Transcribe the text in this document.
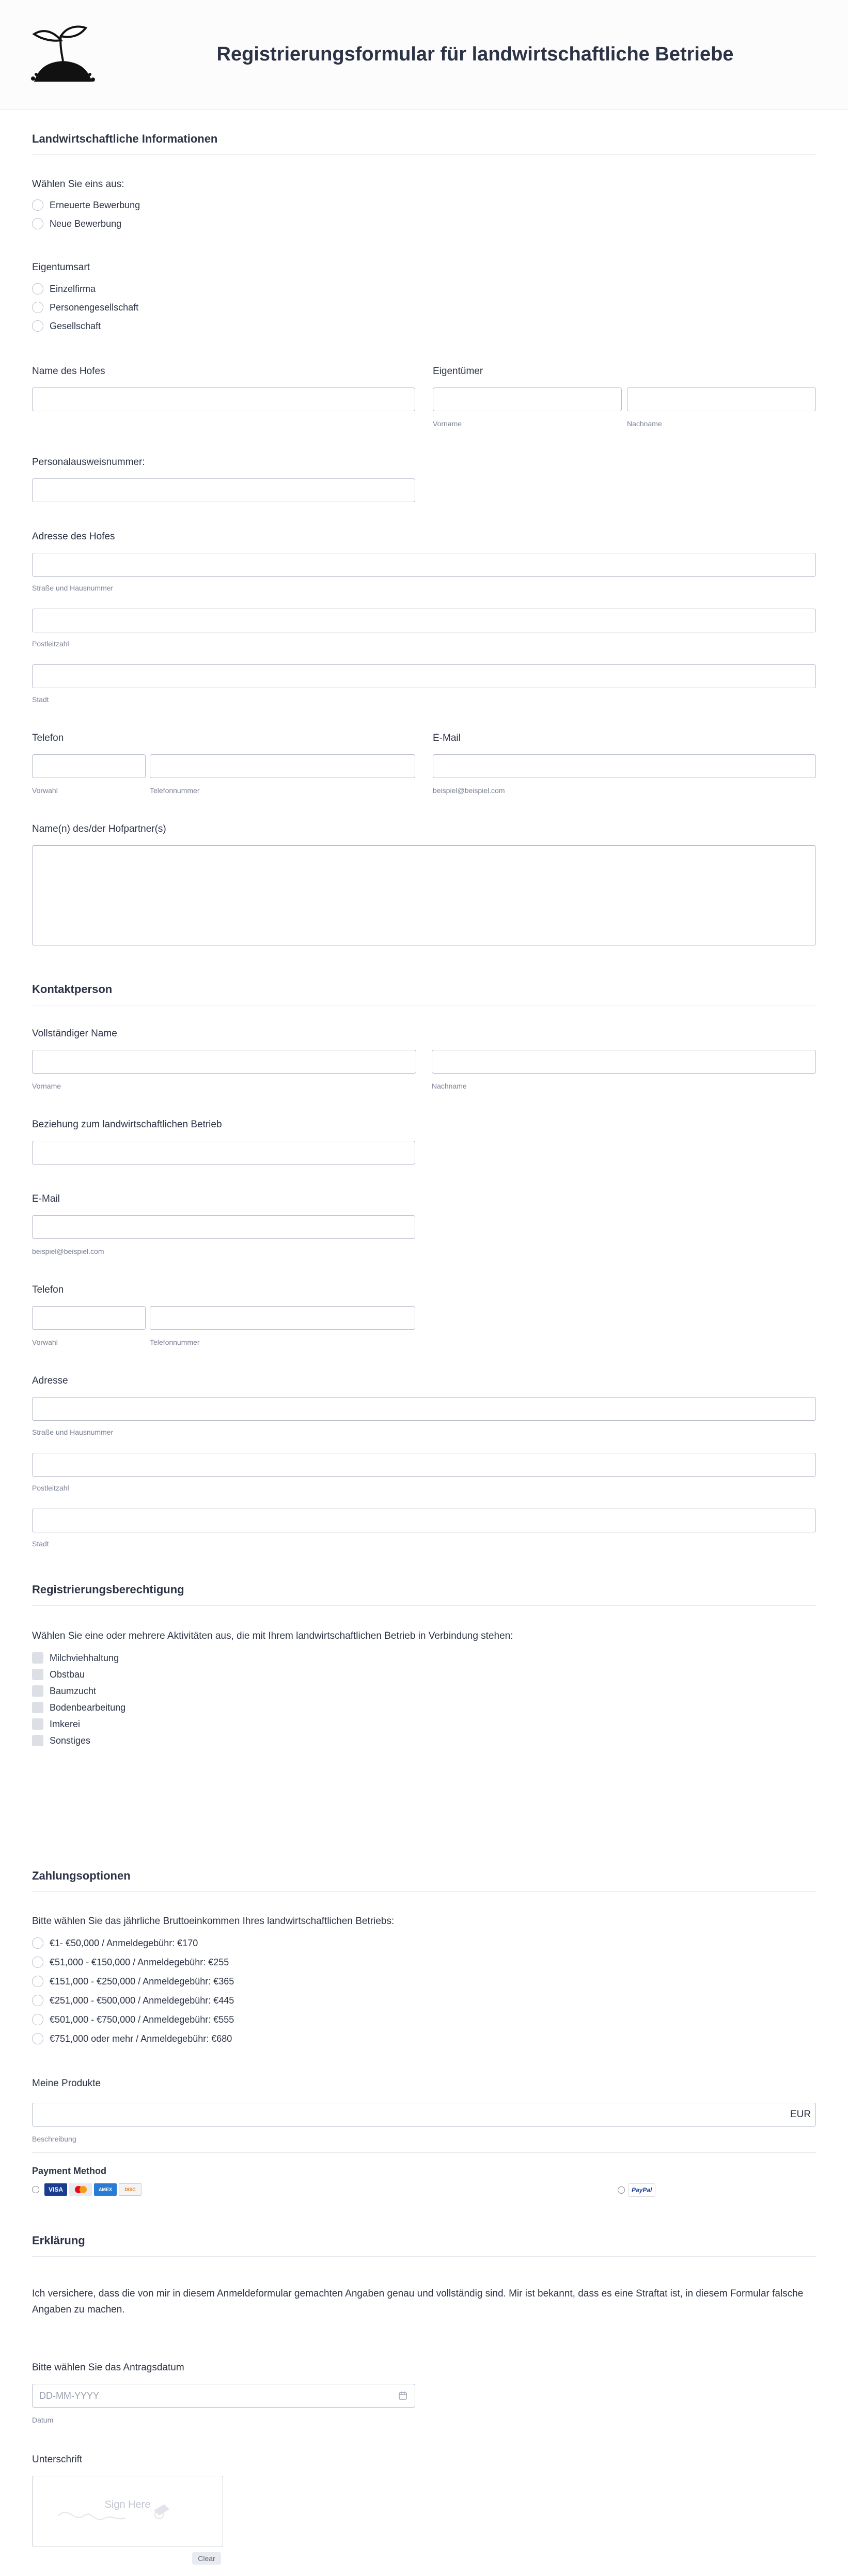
Registrierungsformular für landwirtschaftliche Betriebe
Landwirtschaftliche Informationen
Wählen Sie eins aus:
Erneuerte Bewerbung
Neue Bewerbung
Eigentumsart
Einzelfirma
Personengesellschaft
Gesellschaft
Name des Hofes	Eigentümer
Vorname	Nachname
Personalausweisnummer:
Adresse des Hofes
Straße und Hausnummer
Postleitzahl
Stadt
Telefon
Vorwahl	Telefonnummer
E-Mail
beispiel@beispiel.com
Name(n) des/der Hofpartner(s)
Kontaktperson
Vollständiger Name
Vorname	Nachname
Beziehung zum landwirtschaftlichen Betrieb
E-Mail
beispiel@beispiel.com
Telefon
Vorwahl	Telefonnummer
Adresse
Straße und Hausnummer
Postleitzahl
Stadt
Registrierungsberechtigung
Wählen Sie eine oder mehrere Aktivitäten aus, die mit Ihrem landwirtschaftlichen Betrieb in Verbindung stehen:
Milchviehhaltung
Obstbau
Baumzucht
Bodenbearbeitung
Imkerei
Sonstiges
Zahlungsoptionen
Bitte wählen Sie das jährliche Bruttoeinkommen Ihres landwirtschaftlichen Betriebs:
€1- €50,000 / Anmeldegebühr: €170
€51,000 - €150,000 / Anmeldegebühr: €255
€151,000 - €250,000 / Anmeldegebühr: €365
€251,000 - €500,000 / Anmeldegebühr: €445
€501,000 - €750,000 / Anmeldegebühr: €555
€751,000 oder mehr / Anmeldegebühr: €680
Meine Produkte
EUR
Beschreibung
Payment Method
VISA	AMEX	DISC	PayPal
Erklärung
Ich versichere, dass die von mir in diesem Anmeldeformular gemachten Angaben genau und vollständig sind. Mir ist bekannt, dass es eine Straftat ist, in diesem Formular falsche Angaben zu machen.
Bitte wählen Sie das Antragsdatum
DD-MM-YYYY
Datum
Unterschrift
Sign Here
Clear
